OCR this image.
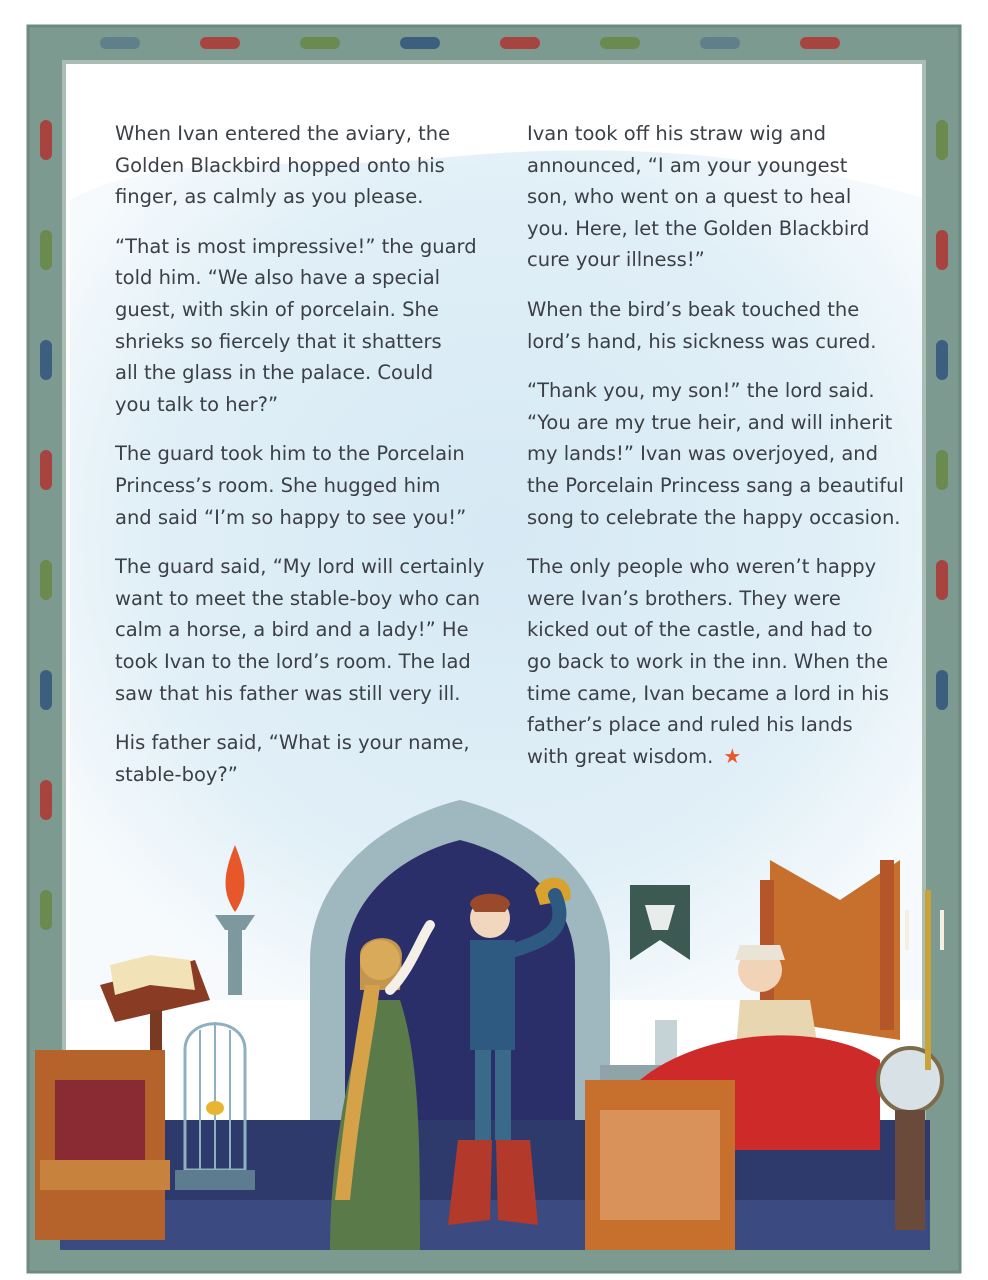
When Ivan entered the aviary, the
Golden Blackbird hopped onto his
finger, as calmly as you please.

“That is most impressive!” the guard
told him. “We also have a special
guest, with skin of porcelain. She
shrieks so fiercely that it shatters
all the glass in the palace. Could
you talk to her?”

The guard took him to the Porcelain
Princess’s room. She hugged him
and said “I’m so happy to see you!”

The guard said, “My lord will certainly
want to meet the stable-boy who can
calm a horse, a bird and a lady!” He
took Ivan to the lord’s room. The lad
saw that his father was still very ill.

His father said, “What is your name,
stable-boy?”

Ivan took off his straw wig and
announced, “I am your youngest
son, who went on a quest to heal
you. Here, let the Golden Blackbird
cure your illness!”

When the bird’s beak touched the
lord’s hand, his sickness was cured.

“Thank you, my son!” the lord said.
“You are my true heir, and will inherit
my lands!” Ivan was overjoyed, and
the Porcelain Princess sang a beautiful
song to celebrate the happy occasion.

The only people who weren’t happy
were Ivan’s brothers. They were
kicked out of the castle, and had to
go back to work in the inn. When the
time came, Ivan became a lord in his
father’s place and ruled his lands
with great wisdom. ★
